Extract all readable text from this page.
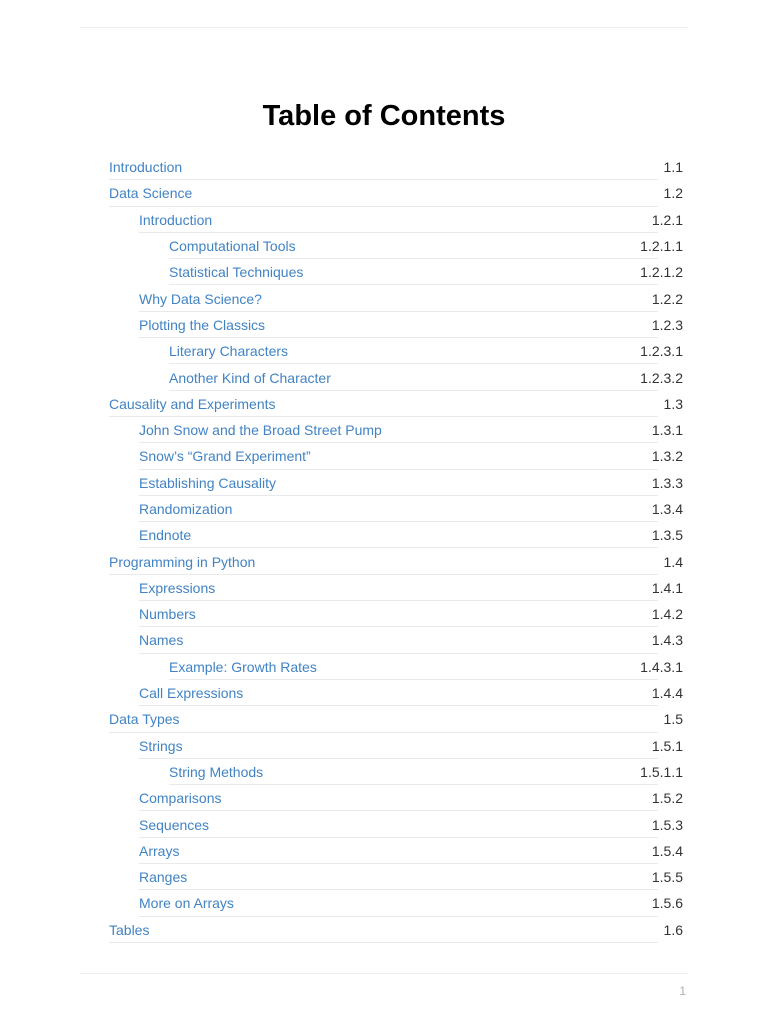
Table of Contents
Introduction	1.1
Data Science	1.2
Introduction	1.2.1
Computational Tools	1.2.1.1
Statistical Techniques	1.2.1.2
Why Data Science?	1.2.2
Plotting the Classics	1.2.3
Literary Characters	1.2.3.1
Another Kind of Character	1.2.3.2
Causality and Experiments	1.3
John Snow and the Broad Street Pump	1.3.1
Snow’s “Grand Experiment”	1.3.2
Establishing Causality	1.3.3
Randomization	1.3.4
Endnote	1.3.5
Programming in Python	1.4
Expressions	1.4.1
Numbers	1.4.2
Names	1.4.3
Example: Growth Rates	1.4.3.1
Call Expressions	1.4.4
Data Types	1.5
Strings	1.5.1
String Methods	1.5.1.1
Comparisons	1.5.2
Sequences	1.5.3
Arrays	1.5.4
Ranges	1.5.5
More on Arrays	1.5.6
Tables	1.6
1
